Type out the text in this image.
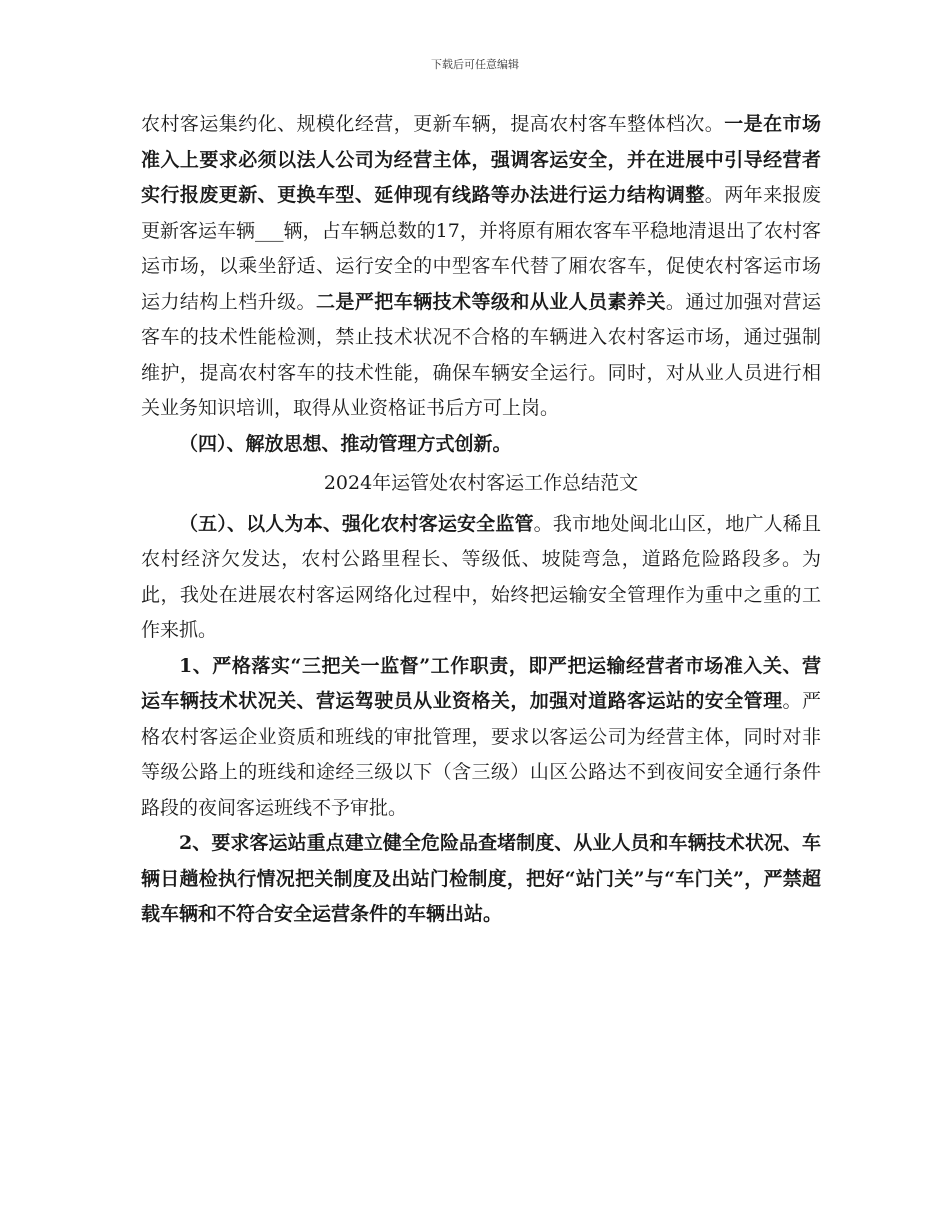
下载后可任意编辑

农村客运集约化、规模化经营，更新车辆，提高农村客车整体档次。一是在市场准入上要求必须以法人公司为经营主体，强调客运安全，并在进展中引导经营者实行报废更新、更换车型、延伸现有线路等办法进行运力结构调整。两年来报废更新客运车辆___辆，占车辆总数的17，并将原有厢农客车平稳地清退出了农村客运市场，以乘坐舒适、运行安全的中型客车代替了厢农客车，促使农村客运市场运力结构上档升级。二是严把车辆技术等级和从业人员素养关。通过加强对营运客车的技术性能检测，禁止技术状况不合格的车辆进入农村客运市场，通过强制维护，提高农村客车的技术性能，确保车辆安全运行。同时，对从业人员进行相关业务知识培训，取得从业资格证书后方可上岗。

（四）、解放思想、推动管理方式创新。

2024年运管处农村客运工作总结范文

（五）、以人为本、强化农村客运安全监管。我市地处闽北山区，地广人稀且农村经济欠发达，农村公路里程长、等级低、坡陡弯急，道路危险路段多。为此，我处在进展农村客运网络化过程中，始终把运输安全管理作为重中之重的工作来抓。

1、严格落实“三把关一监督”工作职责，即严把运输经营者市场准入关、营运车辆技术状况关、营运驾驶员从业资格关，加强对道路客运站的安全管理。严格农村客运企业资质和班线的审批管理，要求以客运公司为经营主体，同时对非等级公路上的班线和途经三级以下（含三级）山区公路达不到夜间安全通行条件路段的夜间客运班线不予审批。

2、要求客运站重点建立健全危险品查堵制度、从业人员和车辆技术状况、车辆日趟检执行情况把关制度及出站门检制度，把好“站门关”与“车门关”，严禁超载车辆和不符合安全运营条件的车辆出站。
